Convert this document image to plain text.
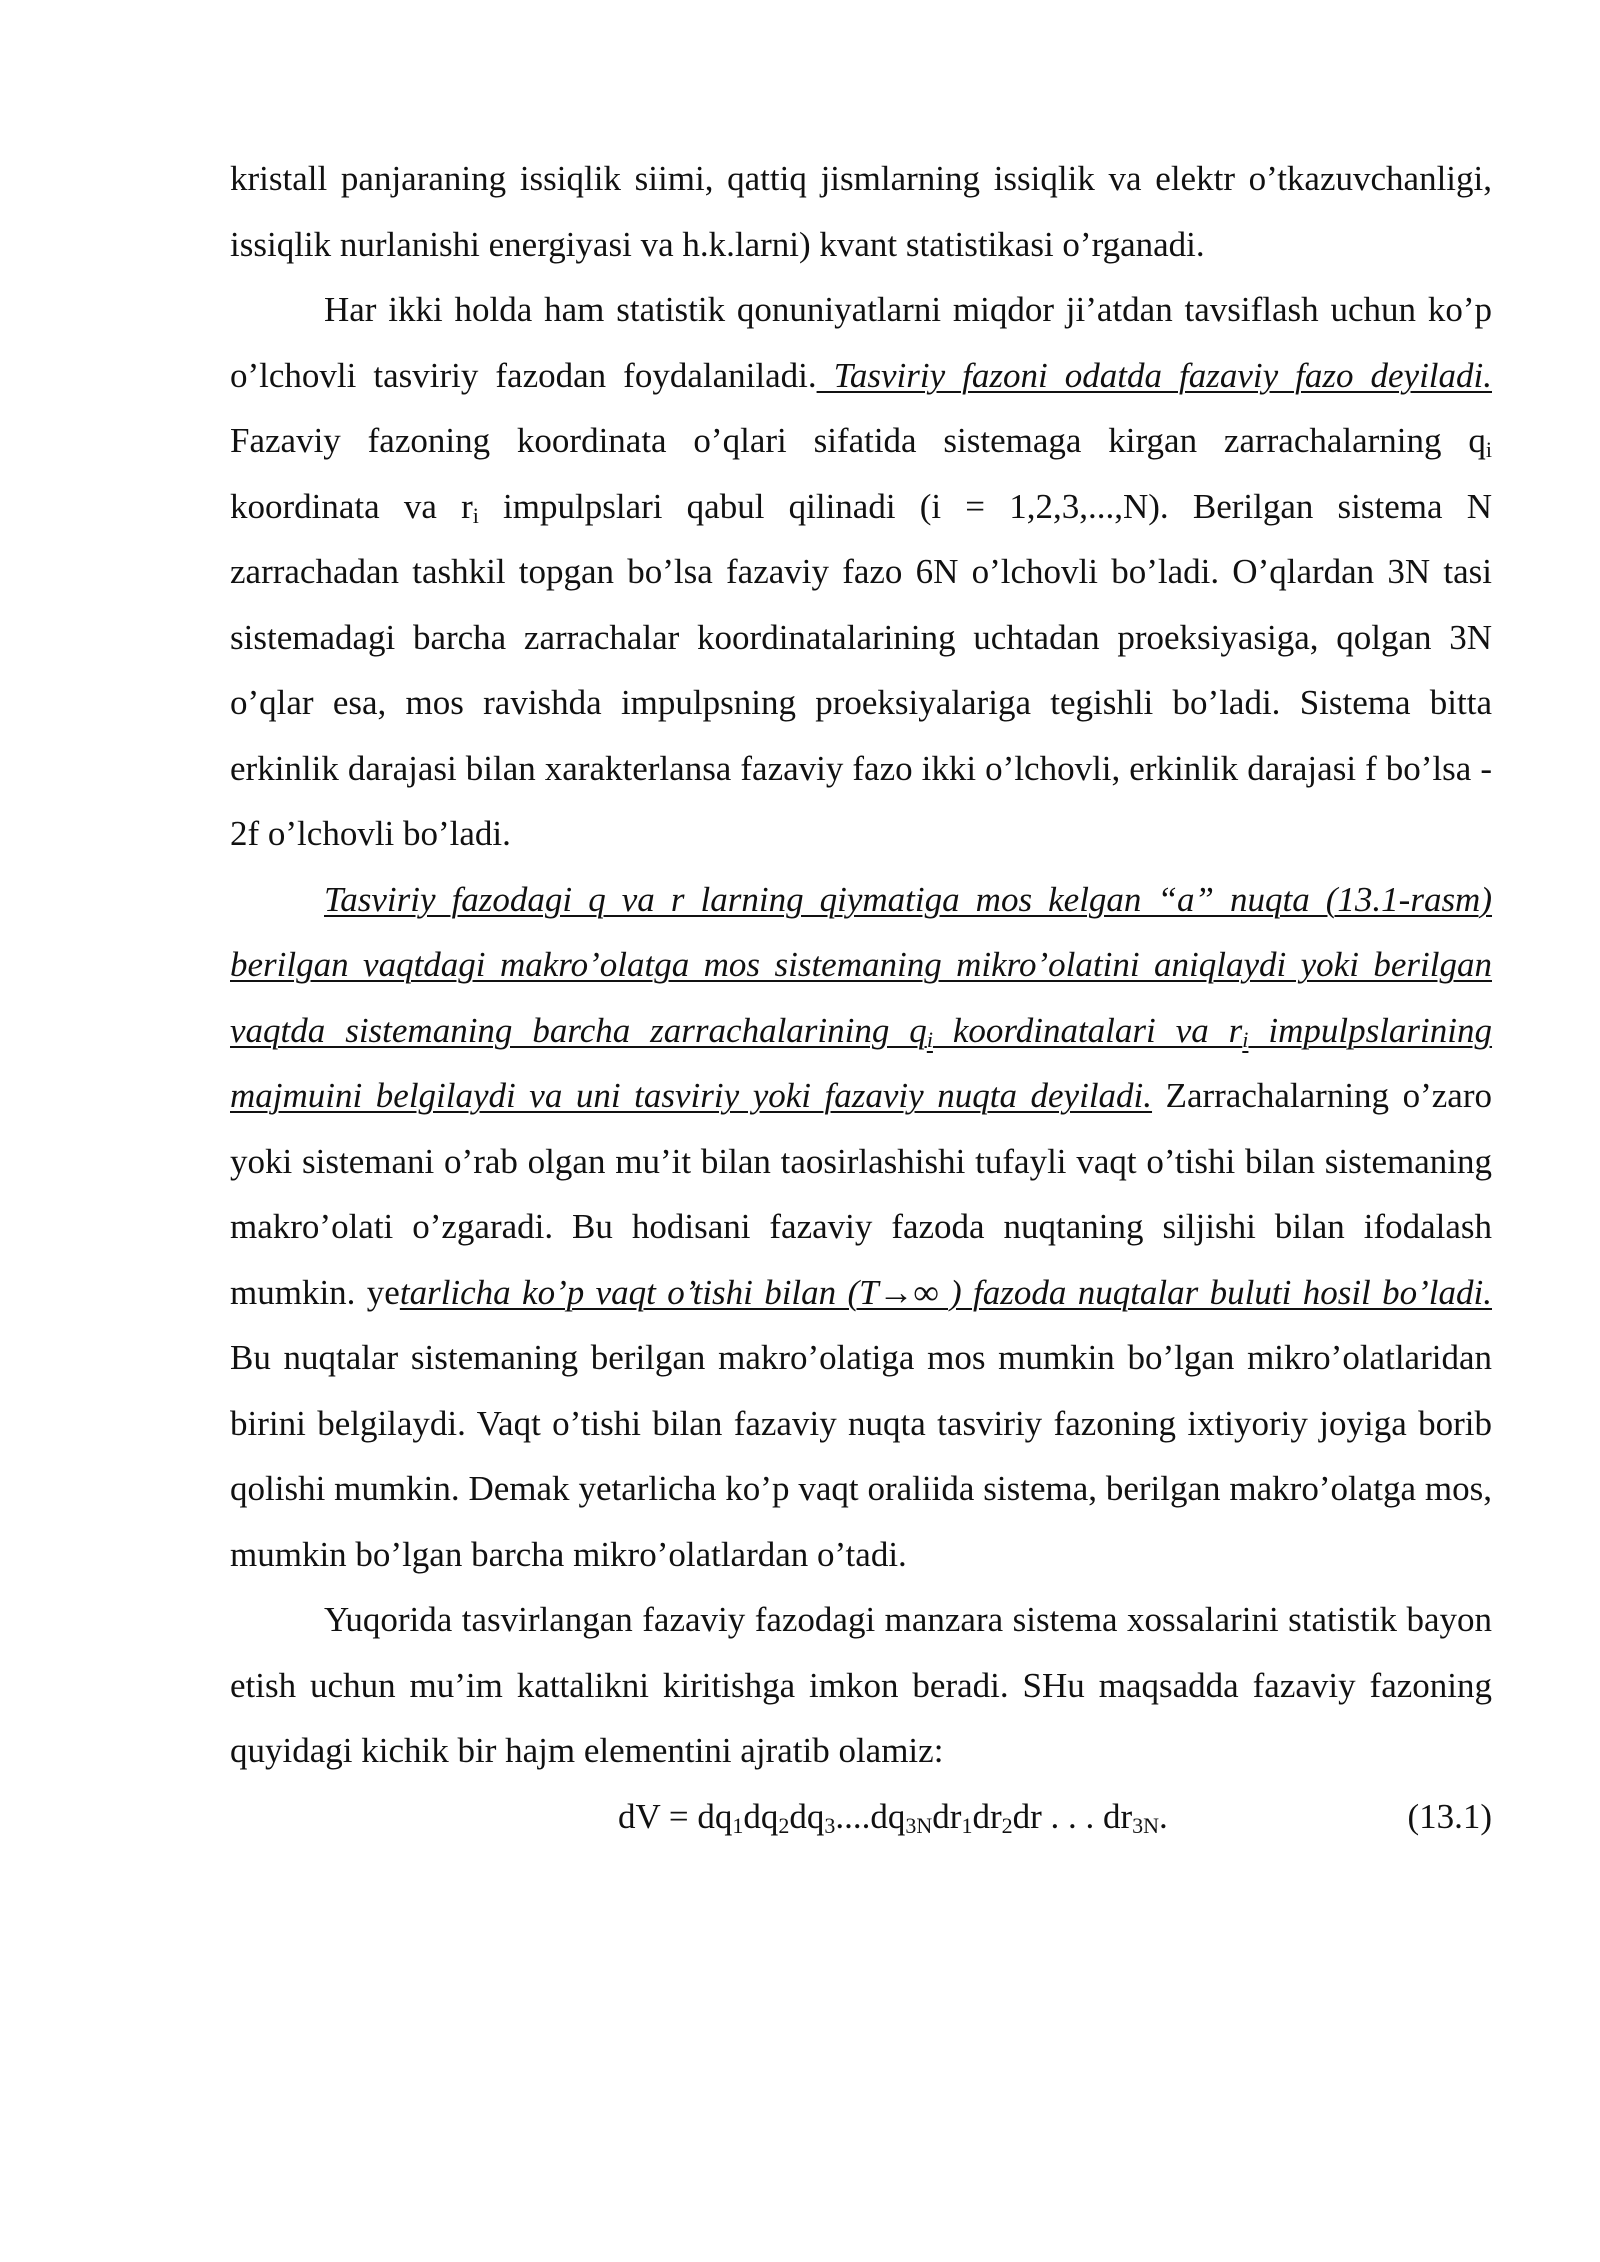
kristall panjaraning issiqlik siimi, qattiq jismlarning issiqlik va elektr o’tkazuvchanligi, issiqlik nurlanishi energiyasi va h.k.larni) kvant statistikasi o’rganadi.

Har ikki holda ham statistik qonuniyatlarni miqdor ji’atdan tavsiflash uchun ko’p o’lchovli tasviriy fazodan foydalaniladi. Tasviriy fazoni odatda fazaviy fazo deyiladi. Fazaviy fazoning koordinata o’qlari sifatida sistemaga kirgan zarrachalarning $q_i$ koordinata va $r_i$ impulpslari qabul qilinadi (i = 1,2,3,...,N). Berilgan sistema N zarrachadan tashkil topgan bo’lsa fazaviy fazo 6N o’lchovli bo’ladi. O’qlardan 3N tasi sistemadagi barcha zarrachalar koordinatalarining uchtadan proeksiyasiga, qolgan 3N o’qlar esa, mos ravishda impulpsning proeksiyalariga tegishli bo’ladi. Sistema bitta erkinlik darajasi bilan xarakterlansa fazaviy fazo ikki o’lchovli, erkinlik darajasi f bo’lsa - 2f o’lchovli bo’ladi.

Tasviriy fazodagi q va r larning qiymatiga mos kelgan “a” nuqta (13.1-rasm) berilgan vaqtdagi makro’olatga mos sistemaning mikro’olatini aniqlaydi yoki berilgan vaqtda sistemaning barcha zarrachalarining $q_i$ koordinatalari va $r_i$ impulpslarining majmuini belgilaydi va uni tasviriy yoki fazaviy nuqta deyiladi. Zarrachalarning o’zaro yoki sistemani o’rab olgan mu’it bilan taosirlashishi tufayli vaqt o’tishi bilan sistemaning makro’olati o’zgaradi. Bu hodisani fazaviy fazoda nuqtaning siljishi bilan ifodalash mumkin. yetarlicha ko’p vaqt o’tishi bilan (T→∞ ) fazoda nuqtalar buluti hosil bo’ladi. Bu nuqtalar sistemaning berilgan makro’olatiga mos mumkin bo’lgan mikro’olatlaridan birini belgilaydi. Vaqt o’tishi bilan fazaviy nuqta tasviriy fazoning ixtiyoriy joyiga borib qolishi mumkin. Demak yetarlicha ko’p vaqt oraliida sistema, berilgan makro’olatga mos, mumkin bo’lgan barcha mikro’olatlardan o’tadi.

Yuqorida tasvirlangan fazaviy fazodagi manzara sistema xossalarini statistik bayon etish uchun mu’im kattalikni kiritishga imkon beradi. SHu maqsadda fazaviy fazoning quyidagi kichik bir hajm elementini ajratib olamiz:

dV = $dq_1dq_2dq_3....dq_{3N}dr_1dr_2dr$ . . . $dr_{3N}$.	(13.1)
